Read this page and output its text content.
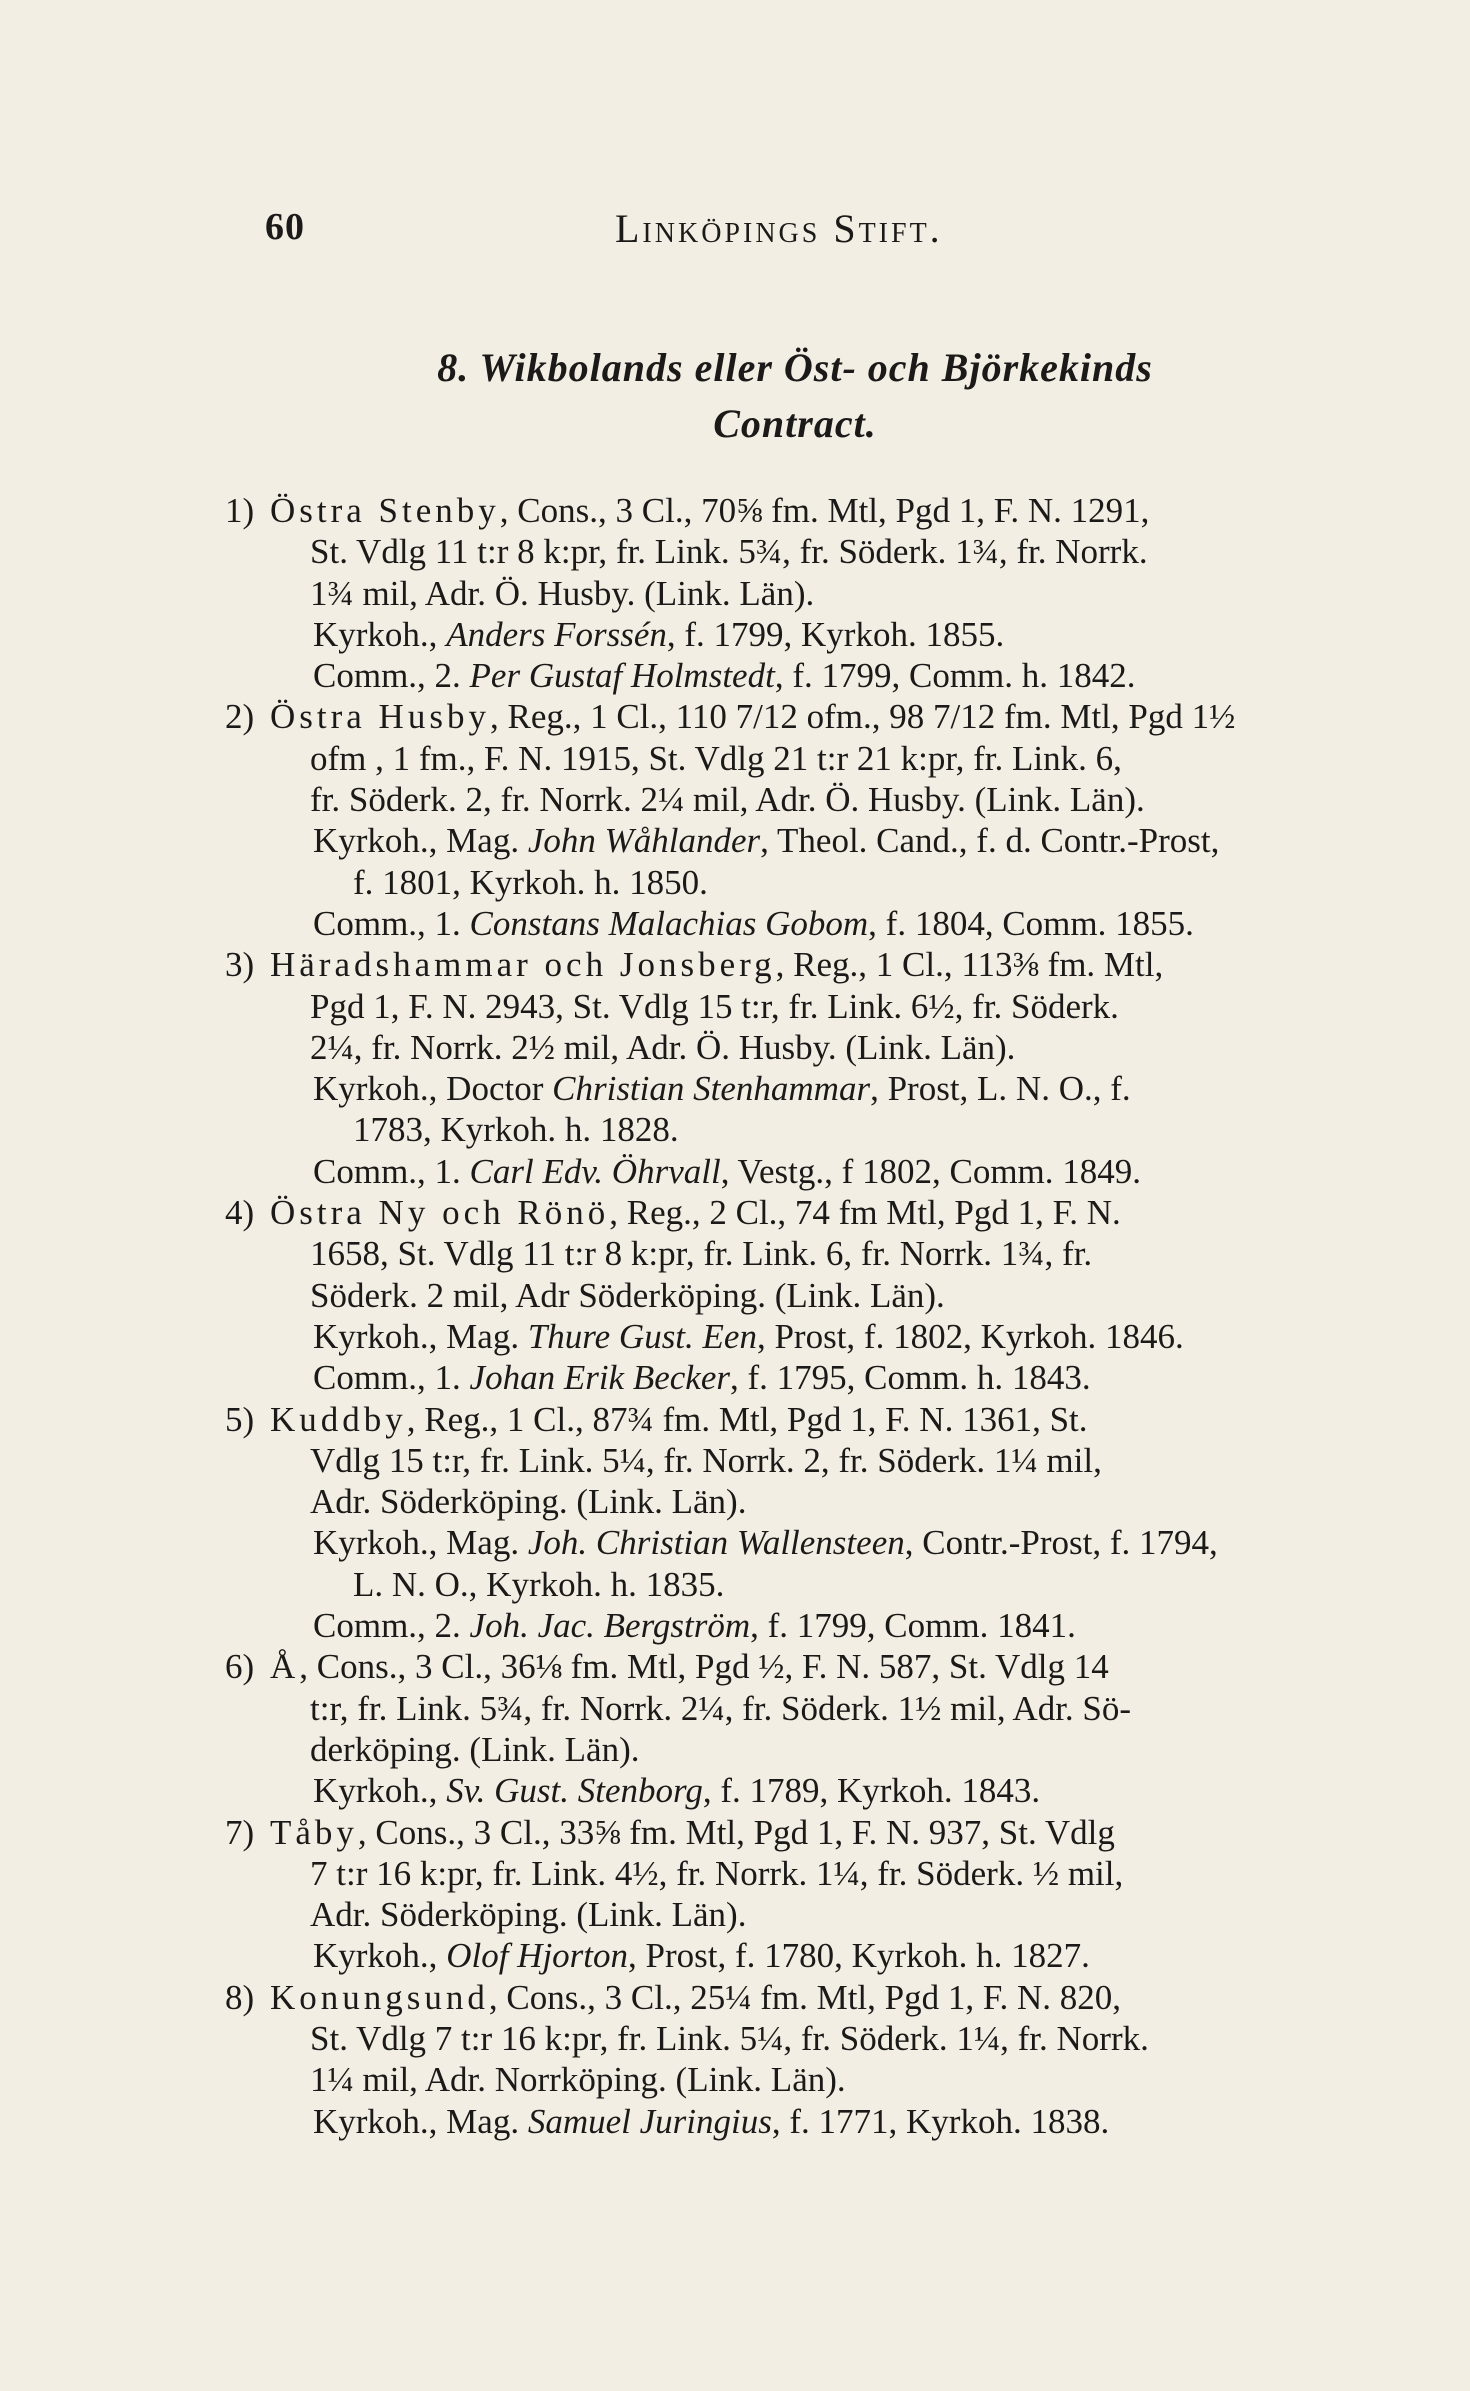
60	Linköpings Stift.
8. Wikbolands eller Öst- och Björkekinds
Contract.
1) Östra Stenby, Cons., 3 Cl., 70⅝ fm. Mtl, Pgd 1, F. N. 1291,
St. Vdlg 11 t:r 8 k:pr, fr. Link. 5¾, fr. Söderk. 1¾, fr. Norrk.
1¾ mil, Adr. Ö. Husby. (Link. Län).
Kyrkoh., Anders Forssén, f. 1799, Kyrkoh. 1855.
Comm., 2. Per Gustaf Holmstedt, f. 1799, Comm. h. 1842.
2) Östra Husby, Reg., 1 Cl., 110 7/12 ofm., 98 7/12 fm. Mtl, Pgd 1½
ofm , 1 fm., F. N. 1915, St. Vdlg 21 t:r 21 k:pr, fr. Link. 6,
fr. Söderk. 2, fr. Norrk. 2¼ mil, Adr. Ö. Husby. (Link. Län).
Kyrkoh., Mag. John Wåhlander, Theol. Cand., f. d. Contr.-Prost,
f. 1801, Kyrkoh. h. 1850.
Comm., 1. Constans Malachias Gobom, f. 1804, Comm. 1855.
3) Häradshammar och Jonsberg, Reg., 1 Cl., 113⅜ fm. Mtl,
Pgd 1, F. N. 2943, St. Vdlg 15 t:r, fr. Link. 6½, fr. Söderk.
2¼, fr. Norrk. 2½ mil, Adr. Ö. Husby. (Link. Län).
Kyrkoh., Doctor Christian Stenhammar, Prost, L. N. O., f.
1783, Kyrkoh. h. 1828.
Comm., 1. Carl Edv. Öhrvall, Vestg., f 1802, Comm. 1849.
4) Östra Ny och Rönö, Reg., 2 Cl., 74 fm Mtl, Pgd 1, F. N.
1658, St. Vdlg 11 t:r 8 k:pr, fr. Link. 6, fr. Norrk. 1¾, fr.
Söderk. 2 mil, Adr Söderköping. (Link. Län).
Kyrkoh., Mag. Thure Gust. Een, Prost, f. 1802, Kyrkoh. 1846.
Comm., 1. Johan Erik Becker, f. 1795, Comm. h. 1843.
5) Kuddby, Reg., 1 Cl., 87¾ fm. Mtl, Pgd 1, F. N. 1361, St.
Vdlg 15 t:r, fr. Link. 5¼, fr. Norrk. 2, fr. Söderk. 1¼ mil,
Adr. Söderköping. (Link. Län).
Kyrkoh., Mag. Joh. Christian Wallensteen, Contr.-Prost, f. 1794,
L. N. O., Kyrkoh. h. 1835.
Comm., 2. Joh. Jac. Bergström, f. 1799, Comm. 1841.
6) Å, Cons., 3 Cl., 36⅛ fm. Mtl, Pgd ½, F. N. 587, St. Vdlg 14
t:r, fr. Link. 5¾, fr. Norrk. 2¼, fr. Söderk. 1½ mil, Adr. Sö-
derköping. (Link. Län).
Kyrkoh., Sv. Gust. Stenborg, f. 1789, Kyrkoh. 1843.
7) Tåby, Cons., 3 Cl., 33⅝ fm. Mtl, Pgd 1, F. N. 937, St. Vdlg
7 t:r 16 k:pr, fr. Link. 4½, fr. Norrk. 1¼, fr. Söderk. ½ mil,
Adr. Söderköping. (Link. Län).
Kyrkoh., Olof Hjorton, Prost, f. 1780, Kyrkoh. h. 1827.
8) Konungsund, Cons., 3 Cl., 25¼ fm. Mtl, Pgd 1, F. N. 820,
St. Vdlg 7 t:r 16 k:pr, fr. Link. 5¼, fr. Söderk. 1¼, fr. Norrk.
1¼ mil, Adr. Norrköping. (Link. Län).
Kyrkoh., Mag. Samuel Juringius, f. 1771, Kyrkoh. 1838.
